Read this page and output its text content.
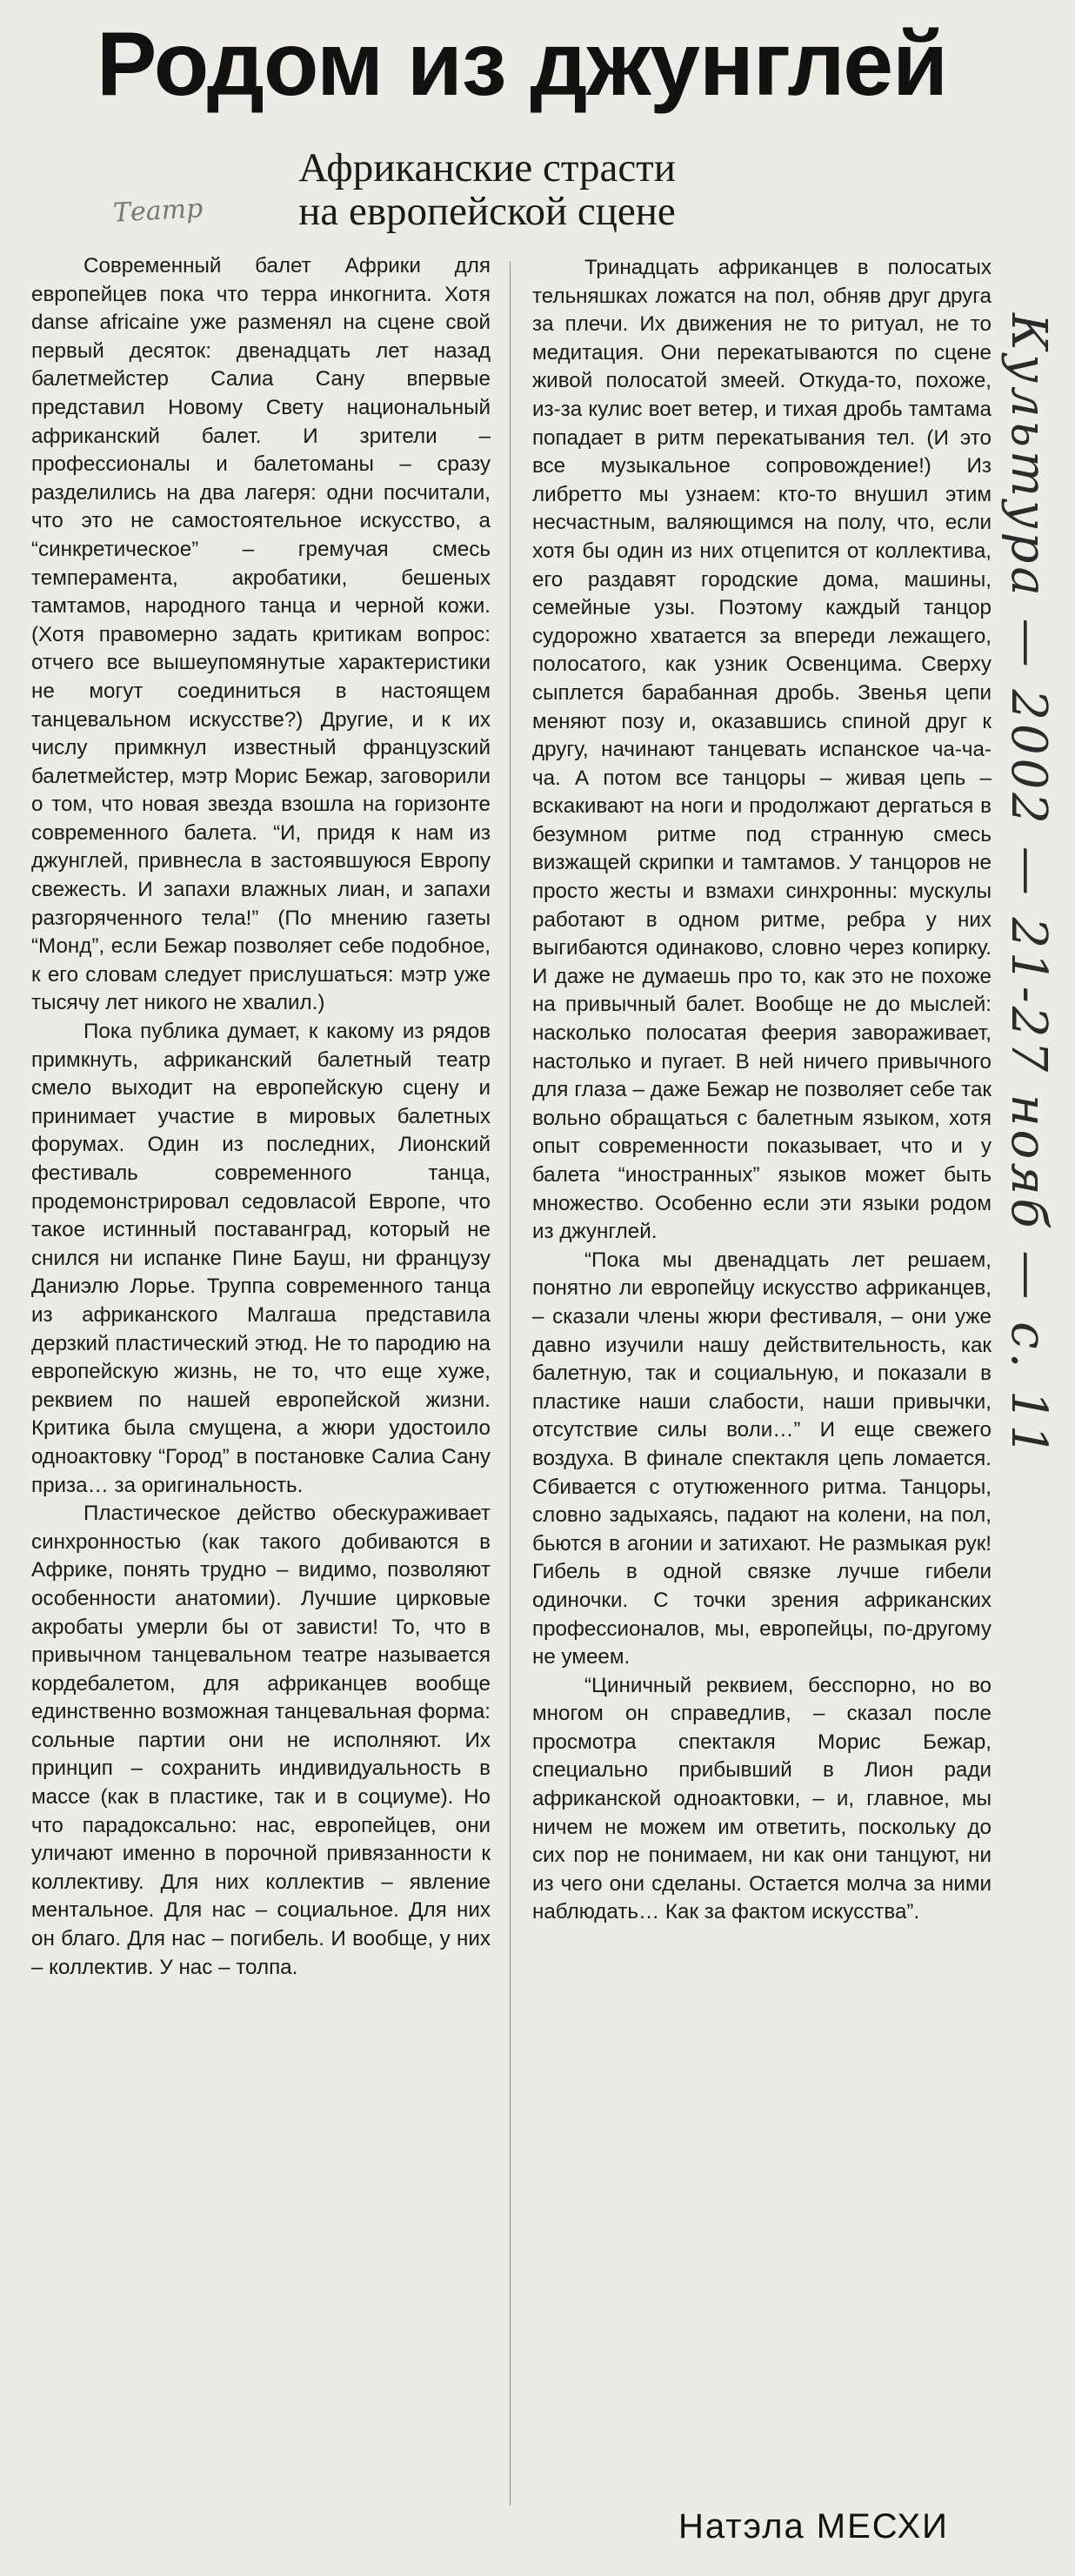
Родом из джунглей
Африканские страсти
на европейской сцене
Театр
Культура — 2002 — 21-27 нояб — с. 11

Современный балет Африки для европейцев пока что терра инкогнита. Хотя danse africaine уже разменял на сцене свой первый десяток: двенадцать лет назад балетмейстер Салиа Сану впервые представил Новому Свету национальный африканский балет. И зрители – профессионалы и балетоманы – сразу разделились на два лагеря: одни посчитали, что это не самостоятельное искусство, а “синкретическое” – гремучая смесь темперамента, акробатики, бешеных тамтамов, народного танца и черной кожи. (Хотя правомерно задать критикам вопрос: отчего все вышеупомянутые характеристики не могут соединиться в настоящем танцевальном искусстве?) Другие, и к их числу примкнул известный французский балетмейстер, мэтр Морис Бежар, заговорили о том, что новая звезда взошла на горизонте современного балета. “И, придя к нам из джунглей, привнесла в застоявшуюся Европу свежесть. И запахи влажных лиан, и запахи разгоряченного тела!” (По мнению газеты “Монд”, если Бежар позволяет себе подобное, к его словам следует прислушаться: мэтр уже тысячу лет никого не хвалил.)

Пока публика думает, к какому из рядов примкнуть, африканский балетный театр смело выходит на европейскую сцену и принимает участие в мировых балетных форумах. Один из последних, Лионский фестиваль современного танца, продемонстрировал седовласой Европе, что такое истинный поставанград, который не снился ни испанке Пине Бауш, ни французу Даниэлю Лорье. Труппа современного танца из африканского Малгаша представила дерзкий пластический этюд. Не то пародию на европейскую жизнь, не то, что еще хуже, реквием по нашей европейской жизни. Критика была смущена, а жюри удостоило одноактовку “Город” в постановке Салиа Сану приза… за оригинальность.

Пластическое действо обескураживает синхронностью (как такого добиваются в Африке, понять трудно – видимо, позволяют особенности анатомии). Лучшие цирковые акробаты умерли бы от зависти! То, что в привычном танцевальном театре называется кордебалетом, для африканцев вообще единственно возможная танцевальная форма: сольные партии они не исполняют. Их принцип – сохранить индивидуальность в массе (как в пластике, так и в социуме). Но что парадоксально: нас, европейцев, они уличают именно в порочной привязанности к коллективу. Для них коллектив – явление ментальное. Для нас – социальное. Для них он благо. Для нас – погибель. И вообще, у них – коллектив. У нас – толпа.

Тринадцать африканцев в полосатых тельняшках ложатся на пол, обняв друг друга за плечи. Их движения не то ритуал, не то медитация. Они перекатываются по сцене живой полосатой змеей. Откуда-то, похоже, из-за кулис воет ветер, и тихая дробь тамтама попадает в ритм перекатывания тел. (И это все музыкальное сопровождение!) Из либретто мы узнаем: кто-то внушил этим несчастным, валяющимся на полу, что, если хотя бы один из них отцепится от коллектива, его раздавят городские дома, машины, семейные узы. Поэтому каждый танцор судорожно хватается за впереди лежащего, полосатого, как узник Освенцима. Сверху сыплется барабанная дробь. Звенья цепи меняют позу и, оказавшись спиной друг к другу, начинают танцевать испанское ча-ча-ча. А потом все танцоры – живая цепь – вскакивают на ноги и продолжают дергаться в безумном ритме под странную смесь визжащей скрипки и тамтамов. У танцоров не просто жесты и взмахи синхронны: мускулы работают в одном ритме, ребра у них выгибаются одинаково, словно через копирку. И даже не думаешь про то, как это не похоже на привычный балет. Вообще не до мыслей: насколько полосатая феерия завораживает, настолько и пугает. В ней ничего привычного для глаза – даже Бежар не позволяет себе так вольно обращаться с балетным языком, хотя опыт современности показывает, что и у балета “иностранных” языков может быть множество. Особенно если эти языки родом из джунглей.

“Пока мы двенадцать лет решаем, понятно ли европейцу искусство африканцев, – сказали члены жюри фестиваля, – они уже давно изучили нашу действительность, как балетную, так и социальную, и показали в пластике наши слабости, наши привычки, отсутствие силы воли…” И еще свежего воздуха. В финале спектакля цепь ломается. Сбивается с отутюженного ритма. Танцоры, словно задыхаясь, падают на колени, на пол, бьются в агонии и затихают. Не размыкая рук! Гибель в одной связке лучше гибели одиночки. С точки зрения африканских профессионалов, мы, европейцы, по-другому не умеем.

“Циничный реквием, бесспорно, но во многом он справедлив, – сказал после просмотра спектакля Морис Бежар, специально прибывший в Лион ради африканской одноактовки, – и, главное, мы ничем не можем им ответить, поскольку до сих пор не понимаем, ни как они танцуют, ни из чего они сделаны. Остается молча за ними наблюдать… Как за фактом искусства”.

Натэла МЕСХИ
